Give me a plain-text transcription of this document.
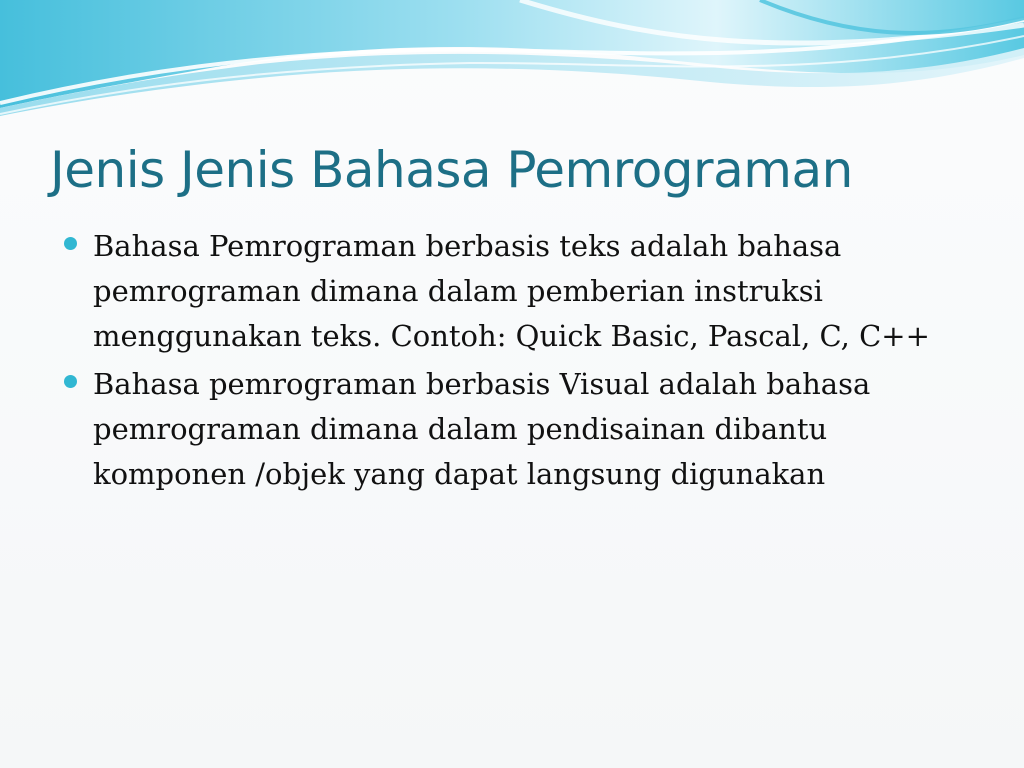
Jenis Jenis Bahasa Pemrograman
Bahasa Pemrograman berbasis teks adalah bahasa pemrograman dimana dalam pemberian instruksi menggunakan teks. Contoh: Quick Basic, Pascal, C, C++
Bahasa pemrograman berbasis Visual adalah bahasa pemrograman dimana dalam pendisainan dibantu komponen /objek yang dapat langsung digunakan
